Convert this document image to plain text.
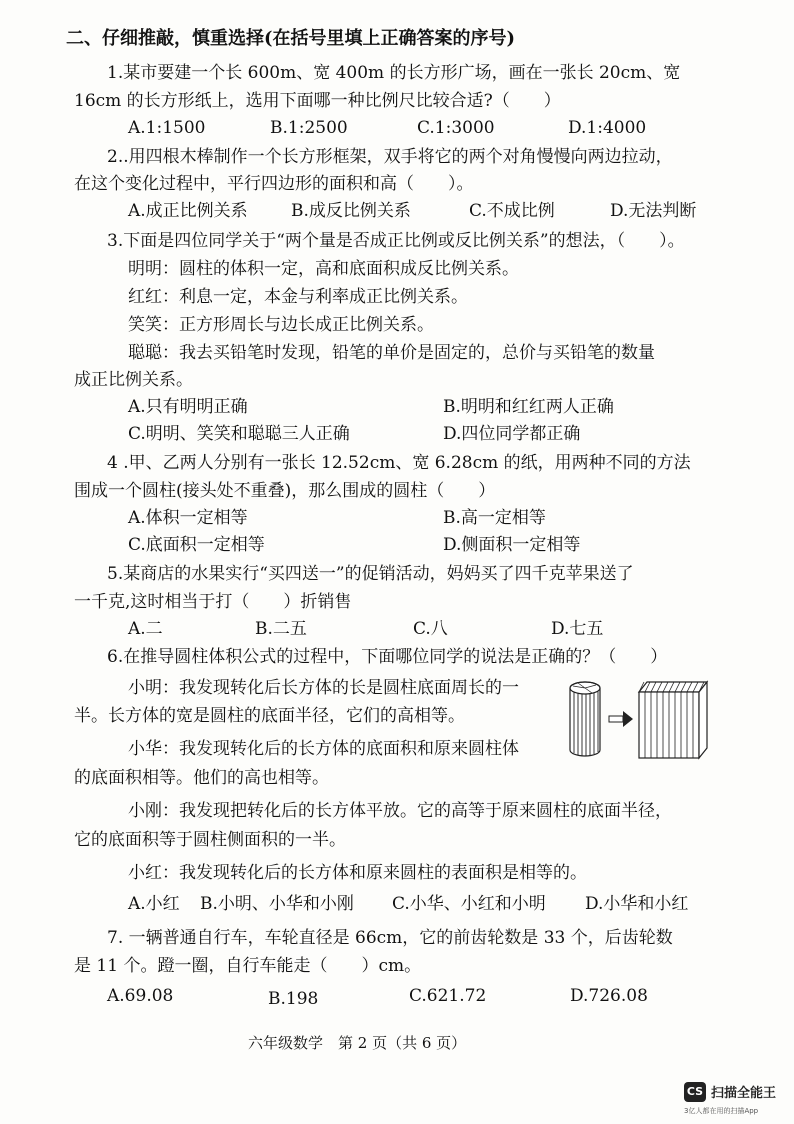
二、仔细推敲，慎重选择(在括号里填上正确答案的序号)
1.某市要建一个长 600m、宽 400m 的长方形广场，画在一张长 20cm、宽
16cm 的长方形纸上，选用下面哪一种比例尺比较合适?（　　）
A.1:1500	B.1:2500	C.1:3000	D.1:4000
2..用四根木棒制作一个长方形框架，双手将它的两个对角慢慢向两边拉动，
在这个变化过程中，平行四边形的面积和高（　　）。
A.成正比例关系	B.成反比例关系	C.不成比例	D.无法判断
3.下面是四位同学关于“两个量是否成正比例或反比例关系”的想法，（　　）。
明明：圆柱的体积一定，高和底面积成反比例关系。
红红：利息一定，本金与利率成正比例关系。
笑笑：正方形周长与边长成正比例关系。
聪聪：我去买铅笔时发现，铅笔的单价是固定的，总价与买铅笔的数量
成正比例关系。
A.只有明明正确	B.明明和红红两人正确
C.明明、笑笑和聪聪三人正确	D.四位同学都正确
4 .甲、乙两人分别有一张长 12.52cm、宽 6.28cm 的纸，用两种不同的方法
围成一个圆柱(接头处不重叠)，那么围成的圆柱（　　）
A.体积一定相等	B.高一定相等
C.底面积一定相等	D.侧面积一定相等
5.某商店的水果实行“买四送一”的促销活动，妈妈买了四千克苹果送了
一千克,这时相当于打（　　）折销售
A.二	B.二五	C.八	D.七五
6.在推导圆柱体积公式的过程中，下面哪位同学的说法是正确的？（　　）
小明：我发现转化后长方体的长是圆柱底面周长的一
半。长方体的宽是圆柱的底面半径，它们的高相等。
小华：我发现转化后的长方体的底面积和原来圆柱体
的底面积相等。他们的高也相等。
小刚：我发现把转化后的长方体平放。它的高等于原来圆柱的底面半径，
它的底面积等于圆柱侧面积的一半。
小红：我发现转化后的长方体和原来圆柱的表面积是相等的。
A.小红 B.小明、小华和小刚 C.小华、小红和小明 D.小华和小红
7. 一辆普通自行车，车轮直径是 66cm，它的前齿轮数是 33 个，后齿轮数
是 11 个。蹬一圈，自行车能走（　　）cm。
A.69.08	B.198	C.621.72	D.726.08
六年级数学　第 2 页（共 6 页）
CS 扫描全能王
3亿人都在用的扫描App
